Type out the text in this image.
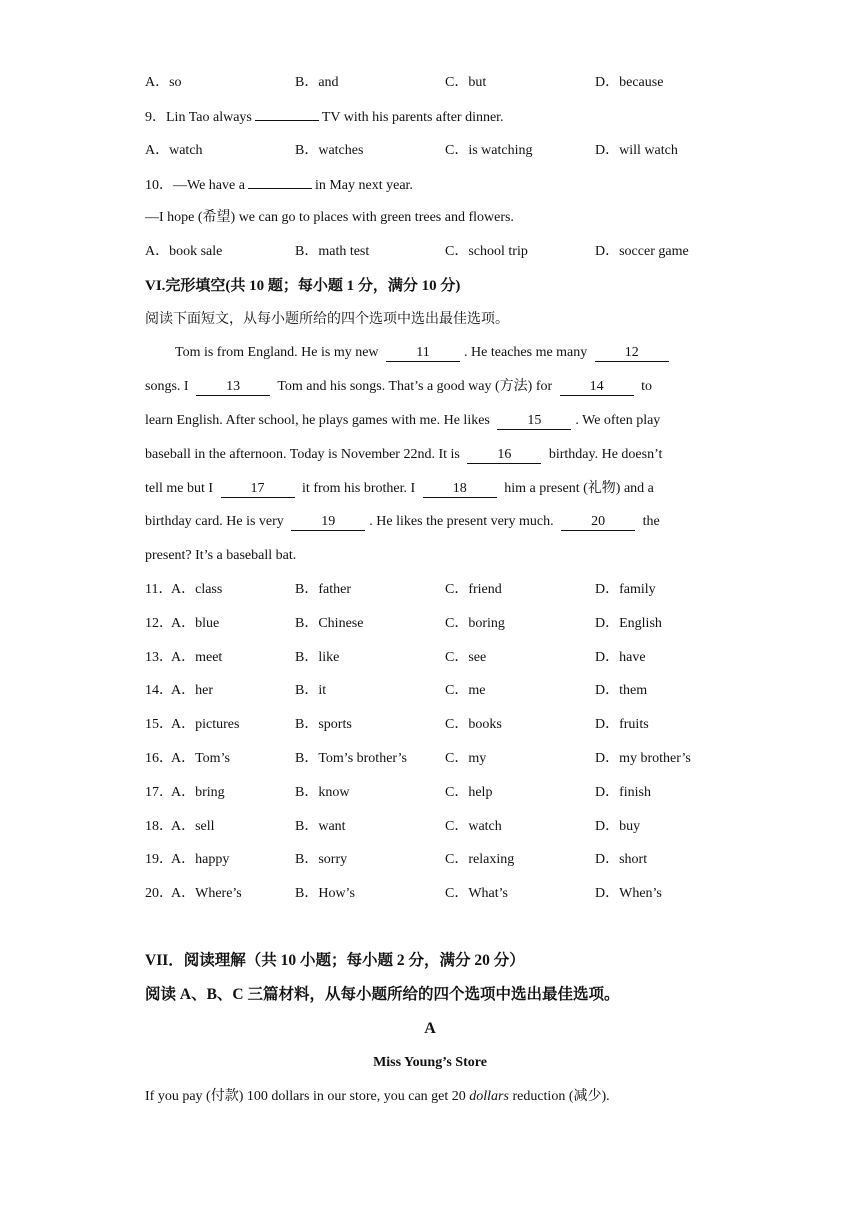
A．so	B．and	C．but	D．because
9．Lin Tao always	TV with his parents after dinner.
A．watch	B．watches	C．is watching	D．will watch
10．—We have a	in May next year.
—I hope (希望) we can go to places with green trees and flowers.
A．book sale	B．math test	C．school trip	D．soccer game
VI.完形填空(共 10 题；每小题 1 分，满分 10 分)
阅读下面短文，从每小题所给的四个选项中选出最佳选项。
Tom is from England. He is my new	11 . He teaches me many	12
songs. I	13	Tom and his songs. That’s a good way (方法) for	14	to
learn English. After school, he plays games with me. He likes	15 . We often play
baseball in the afternoon. Today is November 22nd. It is	16	birthday. He doesn’t
tell me but I	17	it from his brother. I	18	him a present (礼物) and a
birthday card. He is very	19 . He likes the present very much.	20	the
present? It’s a baseball bat.
11．A．class	B．father	C．friend	D．family
12．A．blue	B．Chinese	C．boring	D．English
13．A．meet	B．like	C．see	D．have
14．A．her	B．it	C．me	D．them
15．A．pictures	B．sports	C．books	D．fruits
16．A．Tom’s	B．Tom’s brother’s	C．my	D．my brother’s
17．A．bring	B．know	C．help	D．finish
18．A．sell	B．want	C．watch	D．buy
19．A．happy	B．sorry	C．relaxing	D．short
20．A．Where’s	B．How’s	C．What’s	D．When’s
VII．阅读理解（共 10 小题；每小题 2 分，满分 20 分）
阅读 A、B、C 三篇材料，从每小题所给的四个选项中选出最佳选项。
A
Miss Young’s Store
If you pay (付款) 100 dollars in our store, you can get 20 dollars reduction (减少).
